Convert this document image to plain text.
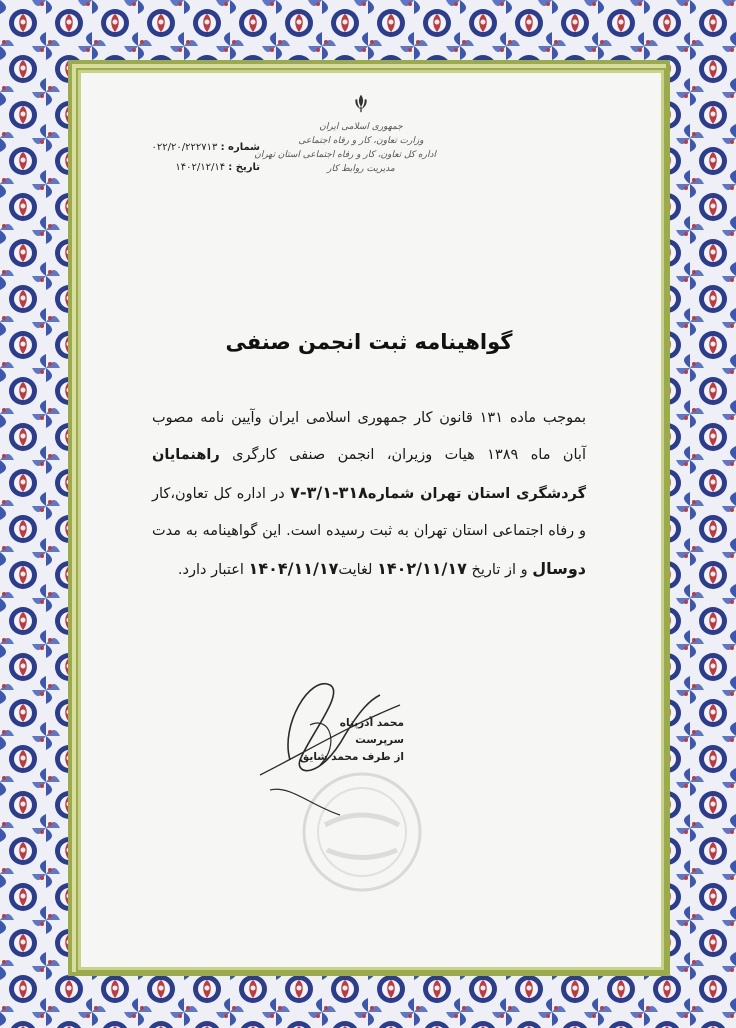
جمهوری اسلامی ایران
وزارت تعاون، کار و رفاه اجتماعی
اداره کل تعاون، کار و رفاه اجتماعی استان تهران
مدیریت روابط کار
شماره : ۰۲۲/۲۰/۲۲۲۷۱۳
تاریخ : ۱۴۰۲/۱۲/۱۴
گواهینامه ثبت انجمن صنفی
بموجب ماده ۱۳۱ قانون کار جمهوری اسلامی ایران وآیین نامه مصوب آبان ماه ۱۳۸۹ هیات وزیران، انجمن صنفی کارگری راهنمایان گردشگری استان تهران شماره۳۱۸-۳/۱-۷ در اداره کل تعاون،کار و رفاه اجتماعی استان تهران به ثبت رسیده است. این گواهینامه به مدت دوسال و از تاریخ ۱۴۰۲/۱۱/۱۷ لغایت۱۴۰۴/۱۱/۱۷ اعتبار دارد.
محمد آذرپناه
سرپرست
از طرف محمد شایق
